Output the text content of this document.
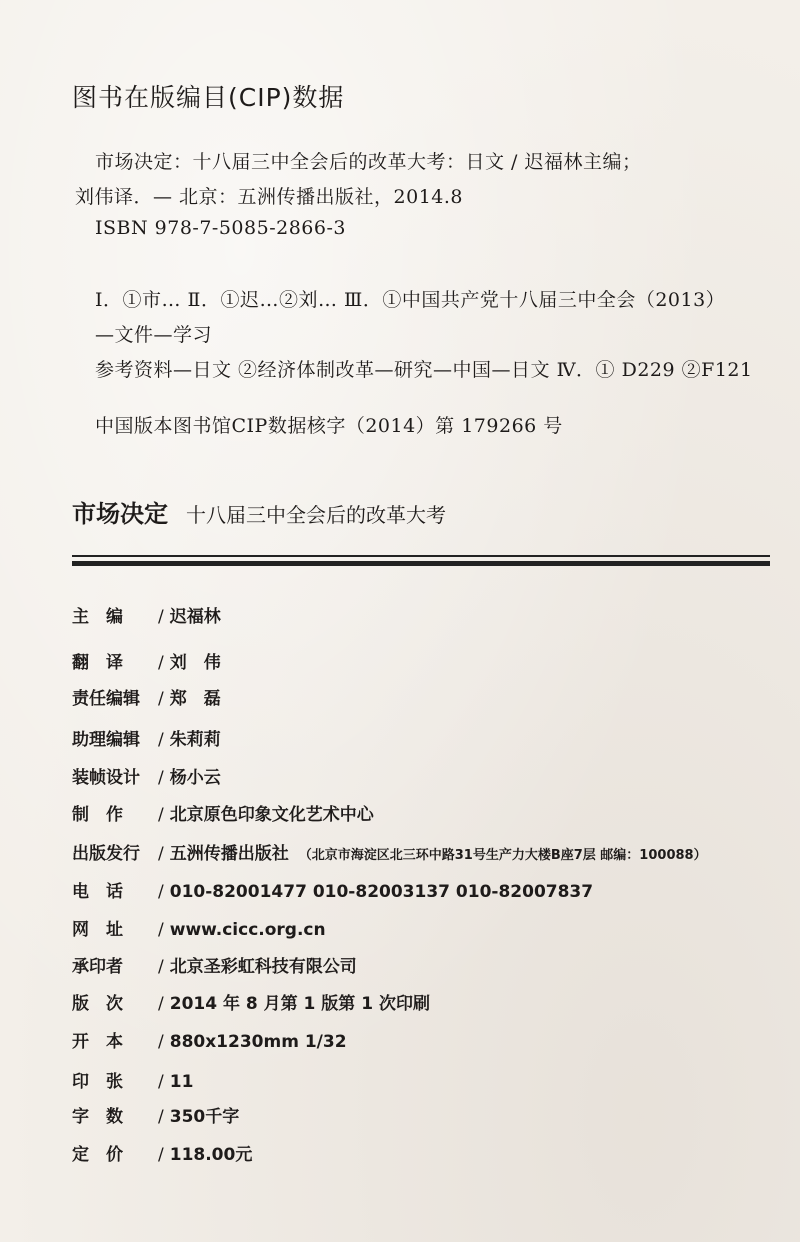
图书在版编目(CIP)数据
市场决定：十八届三中全会后的改革大考：日文 / 迟福林主编；
刘伟译．— 北京：五洲传播出版社，2014.8
ISBN 978-7-5085-2866-3
Ⅰ．①市… Ⅱ．①迟…②刘… Ⅲ．①中国共产党十八届三中全会（2013）
—文件—学习
参考资料—日文 ②经济体制改革—研究—中国—日文 Ⅳ．① D229 ②F121
中国版本图书馆CIP数据核字（2014）第 179266 号
市场决定 十八届三中全会后的改革大考
主　编	/ 迟福林
翻　译	/ 刘　伟
责任编辑	/ 郑　磊
助理编辑	/ 朱莉莉
装帧设计	/ 杨小云
制　作	/ 北京原色印象文化艺术中心
出版发行	/ 五洲传播出版社 （北京市海淀区北三环中路31号生产力大楼B座7层 邮编：100088）
电　话	/ 010-82001477 010-82003137 010-82007837
网　址	/ www.cicc.org.cn
承印者	/ 北京圣彩虹科技有限公司
版　次	/ 2014 年 8 月第 1 版第 1 次印刷
开　本	/ 880x1230mm 1/32
印　张	/ 11
字　数	/ 350千字
定　价	/ 118.00元
